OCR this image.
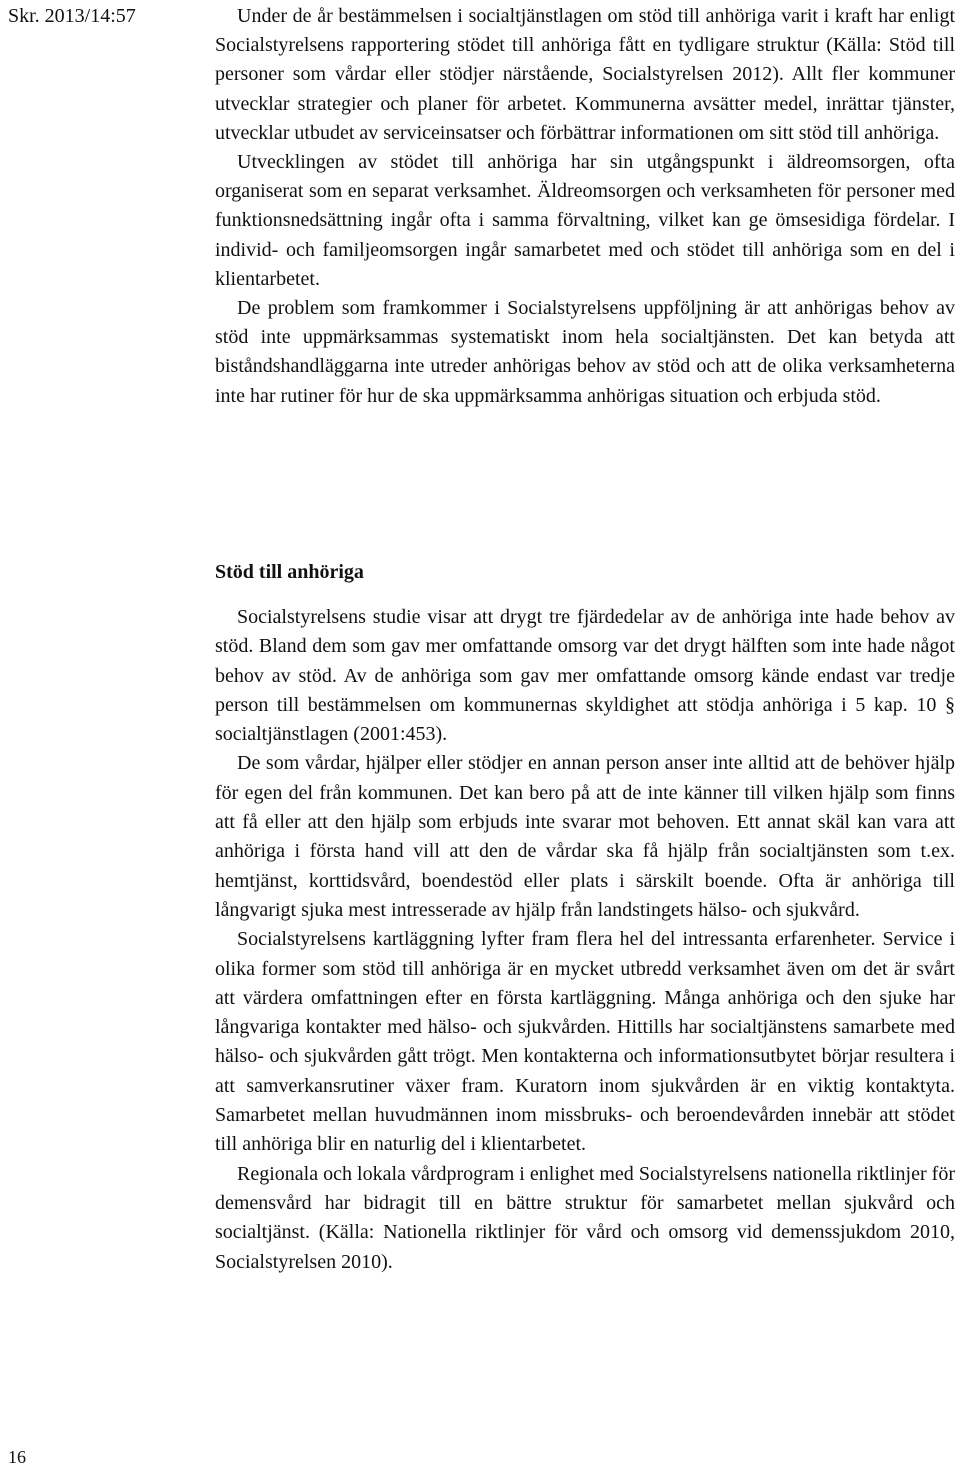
Skr. 2013/14:57	Under de år bestämmelsen i socialtjänstlagen om stöd till anhöriga varit i kraft har enligt Socialstyrelsens rapportering stödet till anhöriga fått en tydligare struktur (Källa: Stöd till personer som vårdar eller stödjer närstående, Socialstyrelsen 2012). Allt fler kommuner utvecklar strategier och planer för arbetet. Kommunerna avsätter medel, inrättar tjänster, utvecklar utbudet av serviceinsatser och förbättrar informationen om sitt stöd till anhöriga.

Utvecklingen av stödet till anhöriga har sin utgångspunkt i äldreomsorgen, ofta organiserat som en separat verksamhet. Äldreomsorgen och verksamheten för personer med funktionsnedsättning ingår ofta i samma förvaltning, vilket kan ge ömsesidiga fördelar. I individ- och familjeomsorgen ingår samarbetet med och stödet till anhöriga som en del i klientarbetet.

De problem som framkommer i Socialstyrelsens uppföljning är att anhörigas behov av stöd inte uppmärksammas systematiskt inom hela socialtjänsten. Det kan betyda att biståndshandläggarna inte utreder anhörigas behov av stöd och att de olika verksamheterna inte har rutiner för hur de ska uppmärksamma anhörigas situation och erbjuda stöd.

Stöd till anhöriga

Socialstyrelsens studie visar att drygt tre fjärdedelar av de anhöriga inte hade behov av stöd. Bland dem som gav mer omfattande omsorg var det drygt hälften som inte hade något behov av stöd. Av de anhöriga som gav mer omfattande omsorg kände endast var tredje person till bestämmelsen om kommunernas skyldighet att stödja anhöriga i 5 kap. 10 § socialtjänstlagen (2001:453).

De som vårdar, hjälper eller stödjer en annan person anser inte alltid att de behöver hjälp för egen del från kommunen. Det kan bero på att de inte känner till vilken hjälp som finns att få eller att den hjälp som erbjuds inte svarar mot behoven. Ett annat skäl kan vara att anhöriga i första hand vill att den de vårdar ska få hjälp från socialtjänsten som t.ex. hemtjänst, korttidsvård, boendestöd eller plats i särskilt boende. Ofta är anhöriga till långvarigt sjuka mest intresserade av hjälp från landstingets hälso- och sjukvård.

Socialstyrelsens kartläggning lyfter fram flera hel del intressanta erfarenheter. Service i olika former som stöd till anhöriga är en mycket utbredd verksamhet även om det är svårt att värdera omfattningen efter en första kartläggning. Många anhöriga och den sjuke har långvariga kontakter med hälso- och sjukvården. Hittills har socialtjänstens samarbete med hälso- och sjukvården gått trögt. Men kontakterna och informationsutbytet börjar resultera i att samverkansrutiner växer fram. Kuratorn inom sjukvården är en viktig kontaktyta. Samarbetet mellan huvudmännen inom missbruks- och beroendevården innebär att stödet till anhöriga blir en naturlig del i klientarbetet.

Regionala och lokala vårdprogram i enlighet med Socialstyrelsens nationella riktlinjer för demensvård har bidragit till en bättre struktur för samarbetet mellan sjukvård och socialtjänst. (Källa: Nationella riktlinjer för vård och omsorg vid demenssjukdom 2010, Socialstyrelsen 2010).

16
